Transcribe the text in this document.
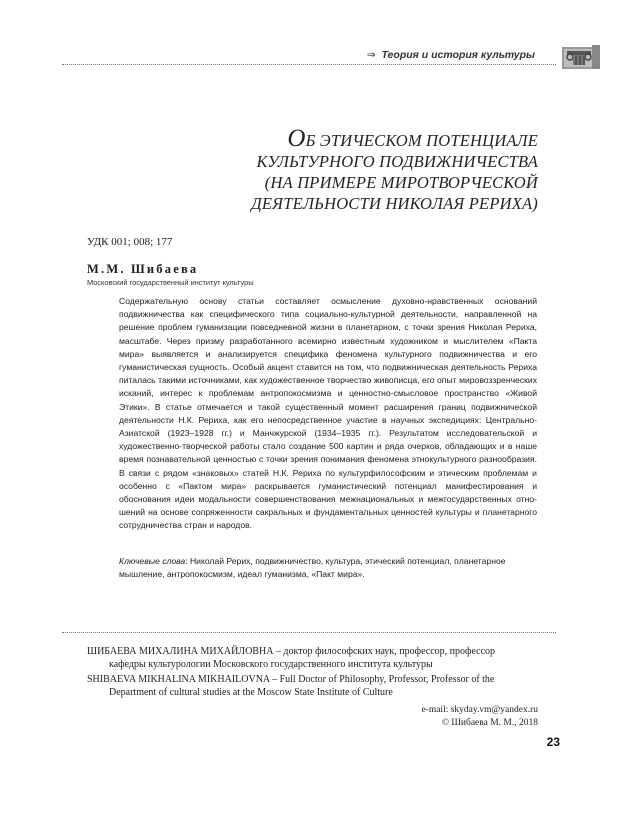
⇒ Теория и история культуры
ОБ ЭТИЧЕСКОМ ПОТЕНЦИАЛЕ
КУЛЬТУРНОГО ПОДВИЖНИЧЕСТВА
(НА ПРИМЕРЕ МИРОТВОРЧЕСКОЙ
ДЕЯТЕЛЬНОСТИ НИКОЛАЯ РЕРИХА)
УДК 001; 008; 177
М.М. Шибаева
Московский государственный институт культуры

Содержательную основу статьи составляет осмысление духовно-нравственных оснований подвижничества как специфического типа социально-культурной деятельности, направленной на решение проблем гуманизации повседневной жизни в планетарном, с точки зрения Николая Рериха, масштабе. Через призму разработанного всемирно известным художником и мыслителем «Пакта мира» выявляется и анализируется специфика феномена культурного подвижничества и его гуманистическая сущность. Особый акцент ставится на том, что подвижническая деятельность Рериха питалась такими источниками, как художественное творчество живописца, его опыт мировоззренческих исканий, интерес к проблемам антропокосмизма и ценностно-смысловое пространство «Живой Этики». В статье отмечается и такой существенный момент расширения границ подвижнической деятельности Н.К. Рериха, как его непосредственное участие в научных экспедициях: Центрально-Азиатской (1923–1928 гг.) и Манчжурской (1934–1935 гг.). Результатом исследовательской и художественно-творческой работы стало создание 500 картин и ряда очерков, обладающих и в наше время познавательной ценностью с точки зрения понимания феномена этнокультурного разнообразия. В связи с рядом «знаковых» статей Н.К. Рериха по культурфилософским и этическим проблемам и особенно с «Пактом мира» раскрывается гуманистический потенциал манифестирования и обоснования идеи модальности совершенствования межнациональных и межгосударственных отношений на основе сопряженности сакральных и фундаментальных ценностей культуры и планетарного сотрудничества стран и народов.

Ключевые слова: Николай Рерих, подвижничество, культура, этический потенциал, планетарное мышление, антропокосмизм, идеал гуманизма, «Пакт мира».

ШИБАЕВА МИХАЛИНА МИХАЙЛОВНА – доктор философских наук, профессор, профессор
кафедры культурологии Московского государственного института культуры

SHIBAEVA MIKHALINA MIKHAILOVNA – Full Doctor of Philosophy, Professor, Professor of the
Department of cultural studies at the Moscow State Institute of Culture

e-mail: skyday.vm@yandex.ru
© Шибаева М. М., 2018
23
